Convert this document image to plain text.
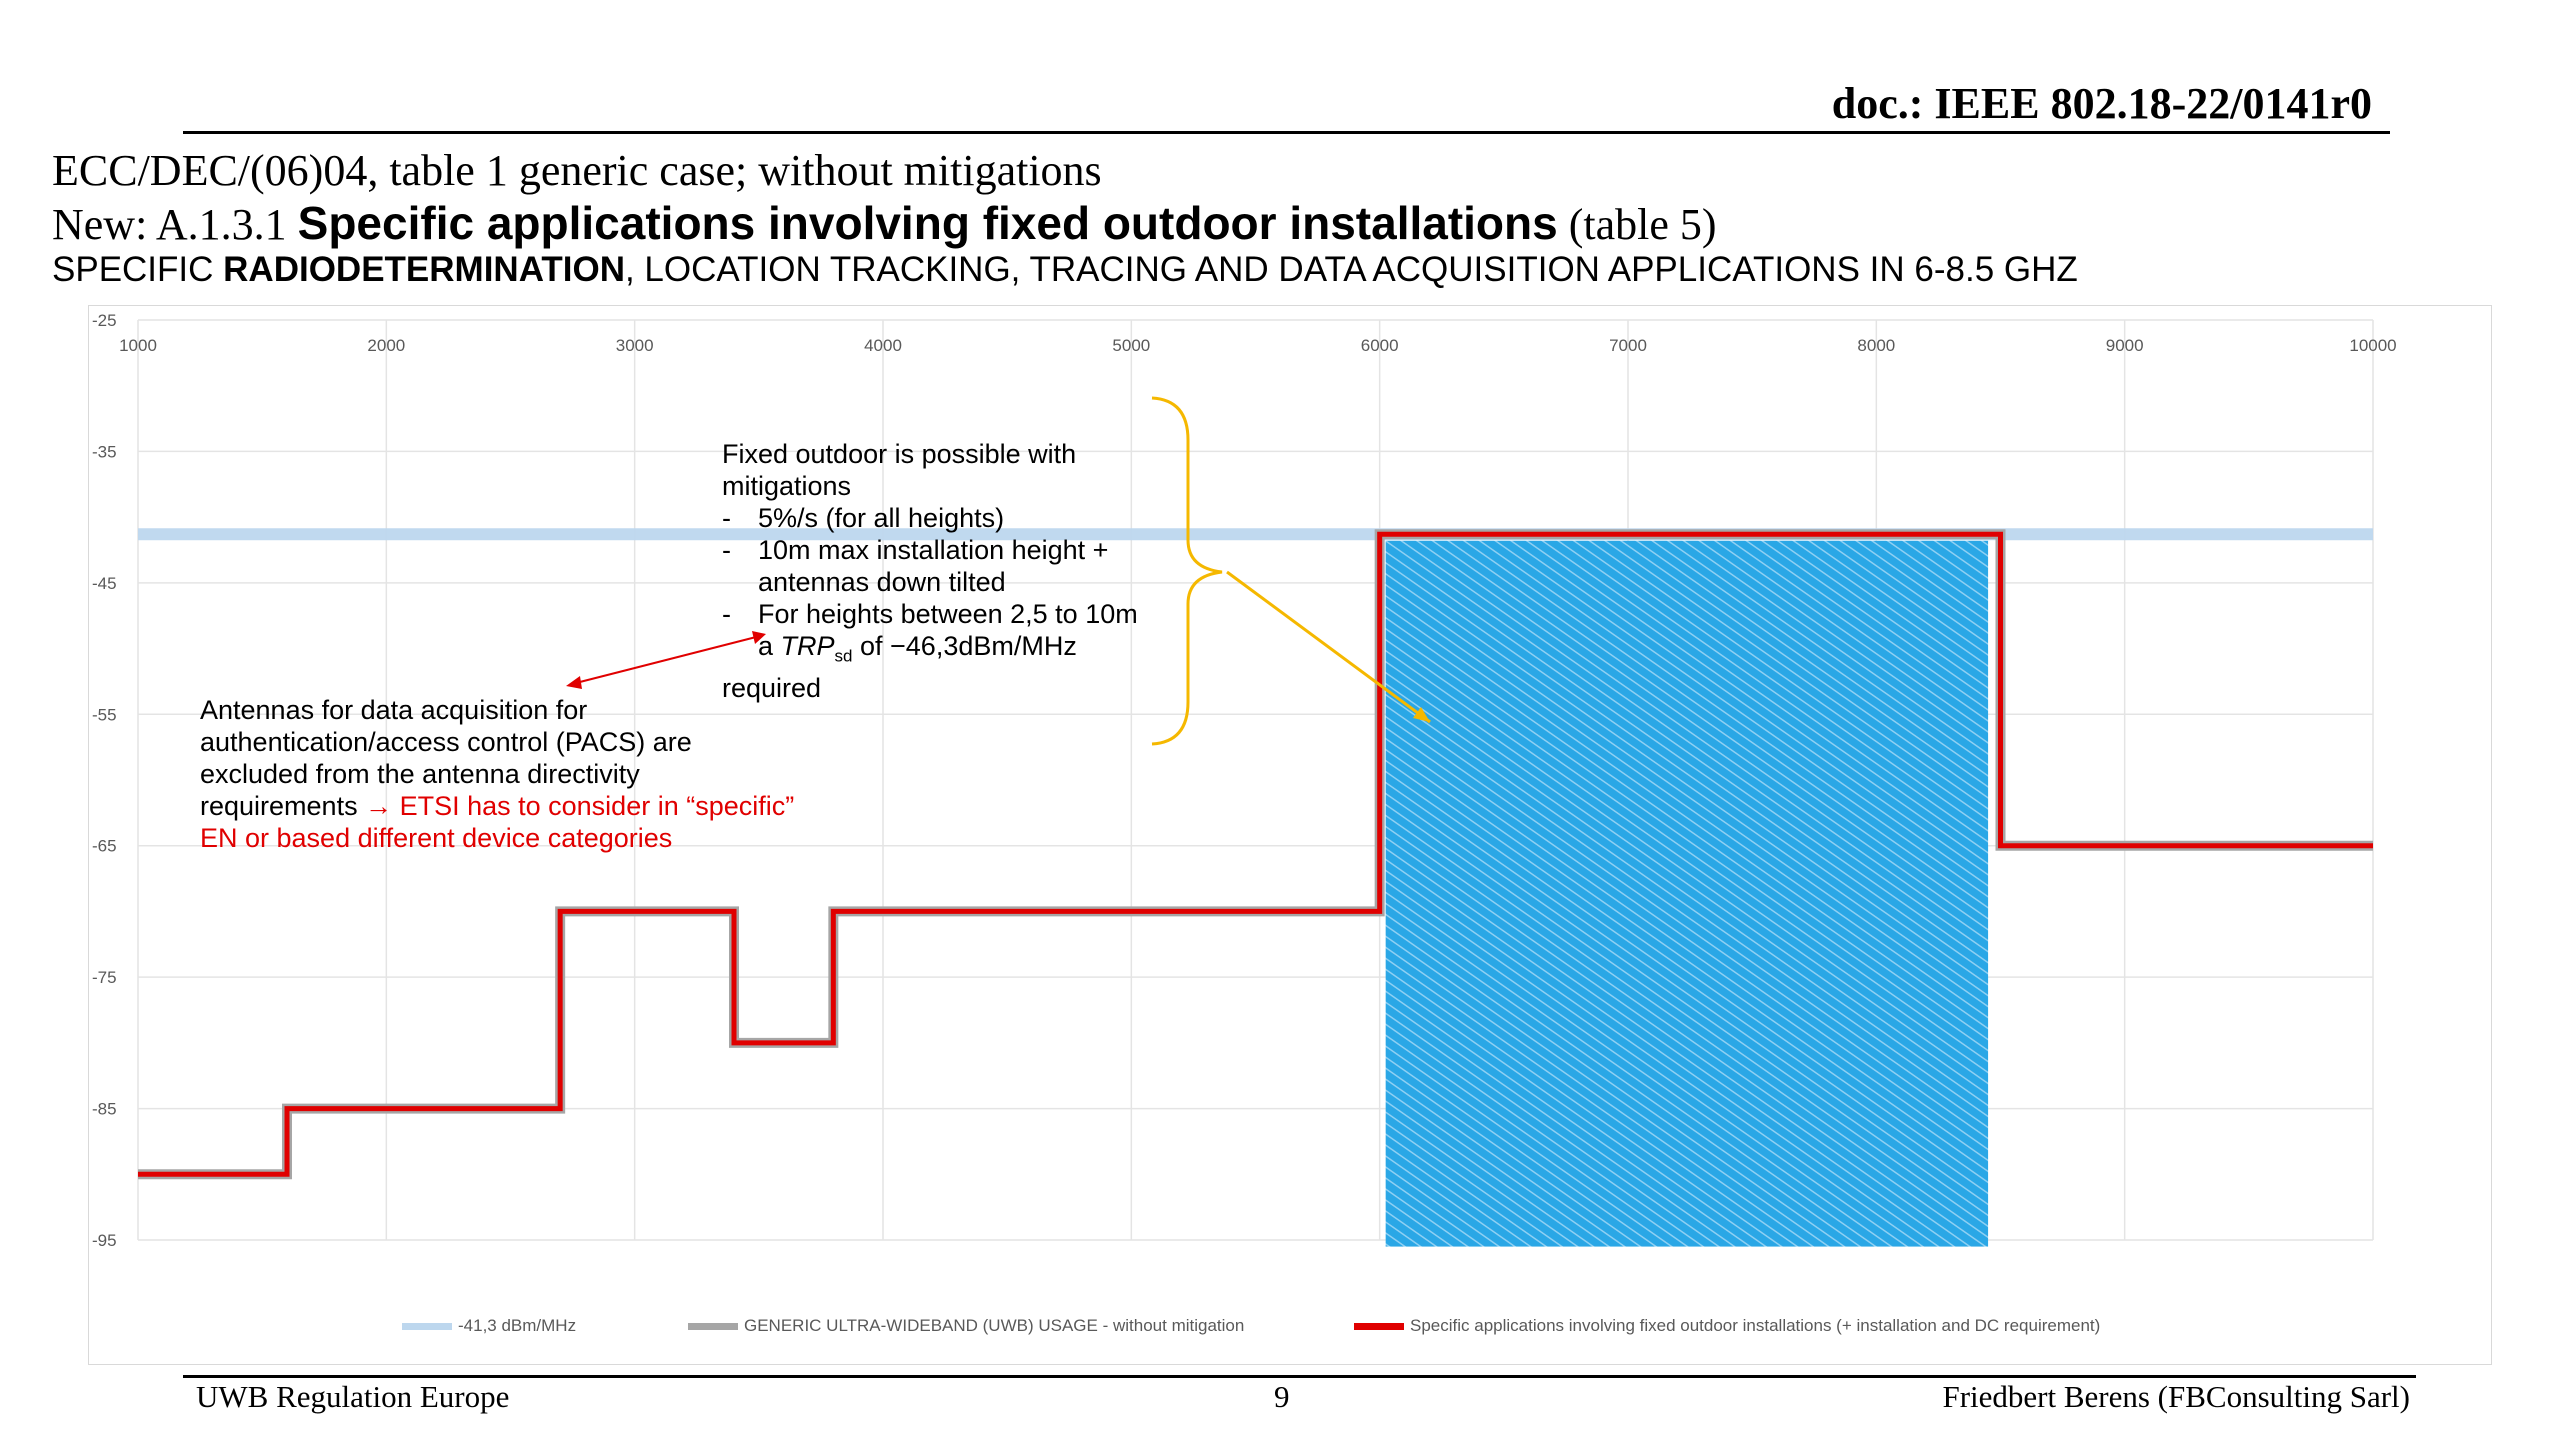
doc.: IEEE 802.18-22/0141r0
ECC/DEC/(06)04, table 1 generic case; without mitigations
New: A.1.3.1 Specific applications involving fixed outdoor installations (table 5)
SPECIFIC RADIODETERMINATION, LOCATION TRACKING, TRACING AND DATA ACQUISITION APPLICATIONS IN 6-8.5 GHZ
1000	2000	3000	4000	5000	6000	7000	8000	9000	10000
-25
-35
-45
-55
-65
-75
-85
-95
Fixed outdoor is possible with
mitigations
- 5%/s (for all heights)
- 10m max installation height +
antennas down tilted
- For heights between 2,5 to 10m
a $TRP_{sd}$ of −46,3dBm/MHz
required
Antennas for data acquisition for
authentication/access control (PACS) are
excluded from the antenna directivity
requirements → ETSI has to consider in “specific”
EN or based different device categories
-41,3 dBm/MHz	GENERIC ULTRA-WIDEBAND (UWB) USAGE - without mitigation	Specific applications involving fixed outdoor installations (+ installation and DC requirement)
UWB Regulation Europe	9	Friedbert Berens (FBConsulting Sarl)
